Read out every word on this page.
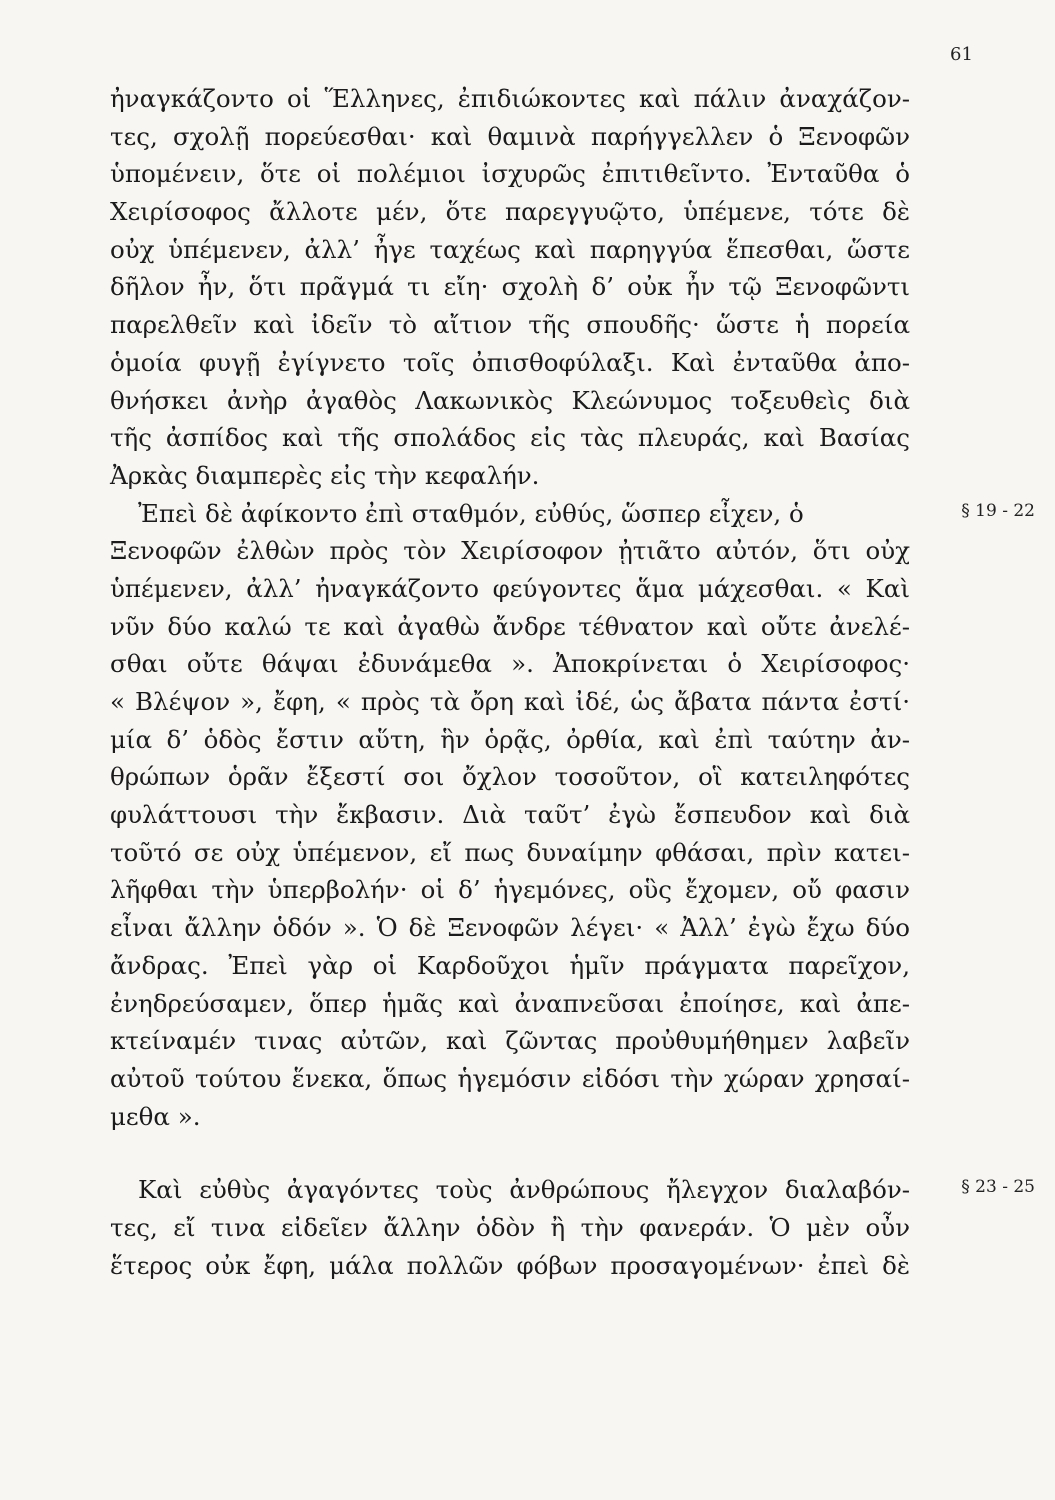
61
ἠναγκάζοντο οἱ Ἕλληνες, ἐπιδιώκοντες καὶ πάλιν ἀναχάζον-
τες, σχολῇ πορεύεσθαι· καὶ θαμινὰ παρήγγελλεν ὁ Ξενοφῶν
ὑπομένειν, ὅτε οἱ πολέμιοι ἰσχυρῶς ἐπιτιθεῖντο. Ἐνταῦθα ὁ
Χειρίσοφος ἄλλοτε μέν, ὅτε παρεγγυῷτο, ὑπέμενε, τότε δὲ
οὐχ ὑπέμενεν, ἀλλ’ ἦγε ταχέως καὶ παρηγγύα ἕπεσθαι, ὥστε
δῆλον ἦν, ὅτι πρᾶγμά τι εἴη· σχολὴ δ’ οὐκ ἦν τῷ Ξενοφῶντι
παρελθεῖν καὶ ἰδεῖν τὸ αἴτιον τῆς σπουδῆς· ὥστε ἡ πορεία
ὁμοία φυγῇ ἐγίγνετο τοῖς ὀπισθοφύλαξι. Καὶ ἐνταῦθα ἀπο-
θνήσκει ἀνὴρ ἀγαθὸς Λακωνικὸς Κλεώνυμος τοξευθεὶς διὰ
τῆς ἀσπίδος καὶ τῆς σπολάδος εἰς τὰς πλευράς, καὶ Βασίας
Ἀρκὰς διαμπερὲς εἰς τὴν κεφαλήν.
§ 19 - 22
Ἐπεὶ δὲ ἀφίκοντο ἐπὶ σταθμόν, εὐθύς, ὥσπερ εἶχεν, ὁ
Ξενοφῶν ἐλθὼν πρὸς τὸν Χειρίσοφον ᾐτιᾶτο αὐτόν, ὅτι οὐχ
ὑπέμενεν, ἀλλ’ ἠναγκάζοντο φεύγοντες ἅμα μάχεσθαι. « Καὶ
νῦν δύο καλώ τε καὶ ἀγαθὼ ἄνδρε τέθνατον καὶ οὔτε ἀνελέ-
σθαι οὔτε θάψαι ἐδυνάμεθα ». Ἀποκρίνεται ὁ Χειρίσοφος·
« Βλέψον », ἔφη, « πρὸς τὰ ὄρη καὶ ἰδέ, ὡς ἄβατα πάντα ἐστί·
μία δ’ ὁδὸς ἔστιν αὕτη, ἣν ὁρᾷς, ὀρθία, καὶ ἐπὶ ταύτην ἀν-
θρώπων ὁρᾶν ἔξεστί σοι ὄχλον τοσοῦτον, οἳ κατειληφότες
φυλάττουσι τὴν ἔκβασιν. Διὰ ταῦτ’ ἐγὼ ἔσπευδον καὶ διὰ
τοῦτό σε οὐχ ὑπέμενον, εἴ πως δυναίμην φθάσαι, πρὶν κατει-
λῆφθαι τὴν ὑπερβολήν· οἱ δ’ ἡγεμόνες, οὓς ἔχομεν, οὔ φασιν
εἶναι ἄλλην ὁδόν ». Ὁ δὲ Ξενοφῶν λέγει· « Ἀλλ’ ἐγὼ ἔχω δύο
ἄνδρας. Ἐπεὶ γὰρ οἱ Καρδοῦχοι ἡμῖν πράγματα παρεῖχον,
ἐνηδρεύσαμεν, ὅπερ ἡμᾶς καὶ ἀναπνεῦσαι ἐποίησε, καὶ ἀπε-
κτείναμέν τινας αὐτῶν, καὶ ζῶντας προὐθυμήθημεν λαβεῖν
αὐτοῦ τούτου ἕνεκα, ὅπως ἡγεμόσιν εἰδόσι τὴν χώραν χρησαί-
μεθα ».
§ 23 - 25
Καὶ εὐθὺς ἀγαγόντες τοὺς ἀνθρώπους ἤλεγχον διαλαβόν-
τες, εἴ τινα εἰδεῖεν ἄλλην ὁδὸν ἢ τὴν φανεράν. Ὁ μὲν οὖν
ἕτερος οὐκ ἔφη, μάλα πολλῶν φόβων προσαγομένων· ἐπεὶ δὲ
